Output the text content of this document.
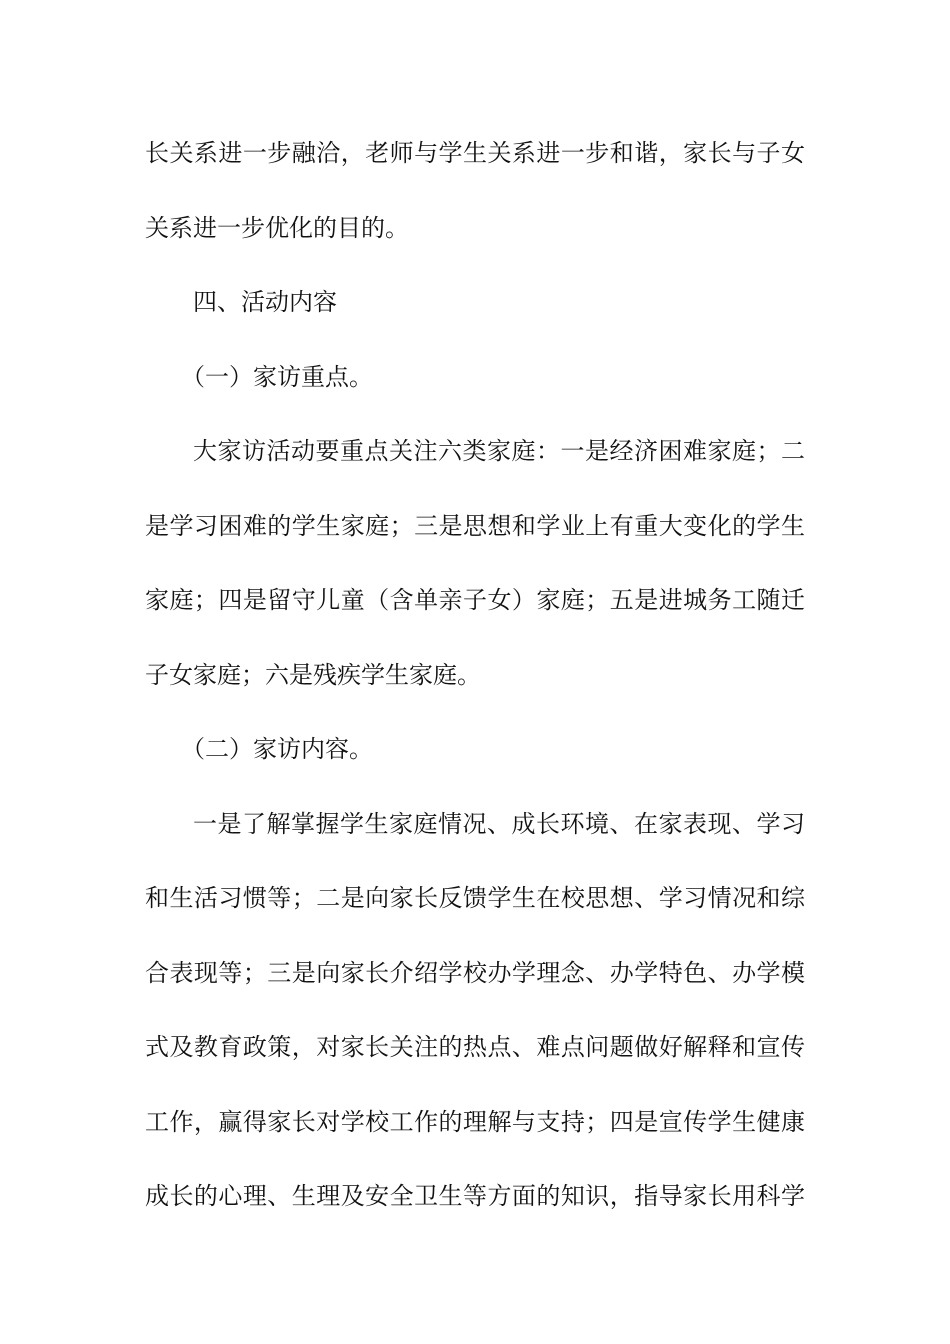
长关系进一步融洽，老师与学生关系进一步和谐，家长与子女
关系进一步优化的目的。
四、活动内容
（一）家访重点。
大家访活动要重点关注六类家庭：一是经济困难家庭；二
是学习困难的学生家庭；三是思想和学业上有重大变化的学生
家庭；四是留守儿童（含单亲子女）家庭；五是进城务工随迁
子女家庭；六是残疾学生家庭。
（二）家访内容。
一是了解掌握学生家庭情况、成长环境、在家表现、学习
和生活习惯等；二是向家长反馈学生在校思想、学习情况和综
合表现等；三是向家长介绍学校办学理念、办学特色、办学模
式及教育政策，对家长关注的热点、难点问题做好解释和宣传
工作，赢得家长对学校工作的理解与支持；四是宣传学生健康
成长的心理、生理及安全卫生等方面的知识，指导家长用科学
